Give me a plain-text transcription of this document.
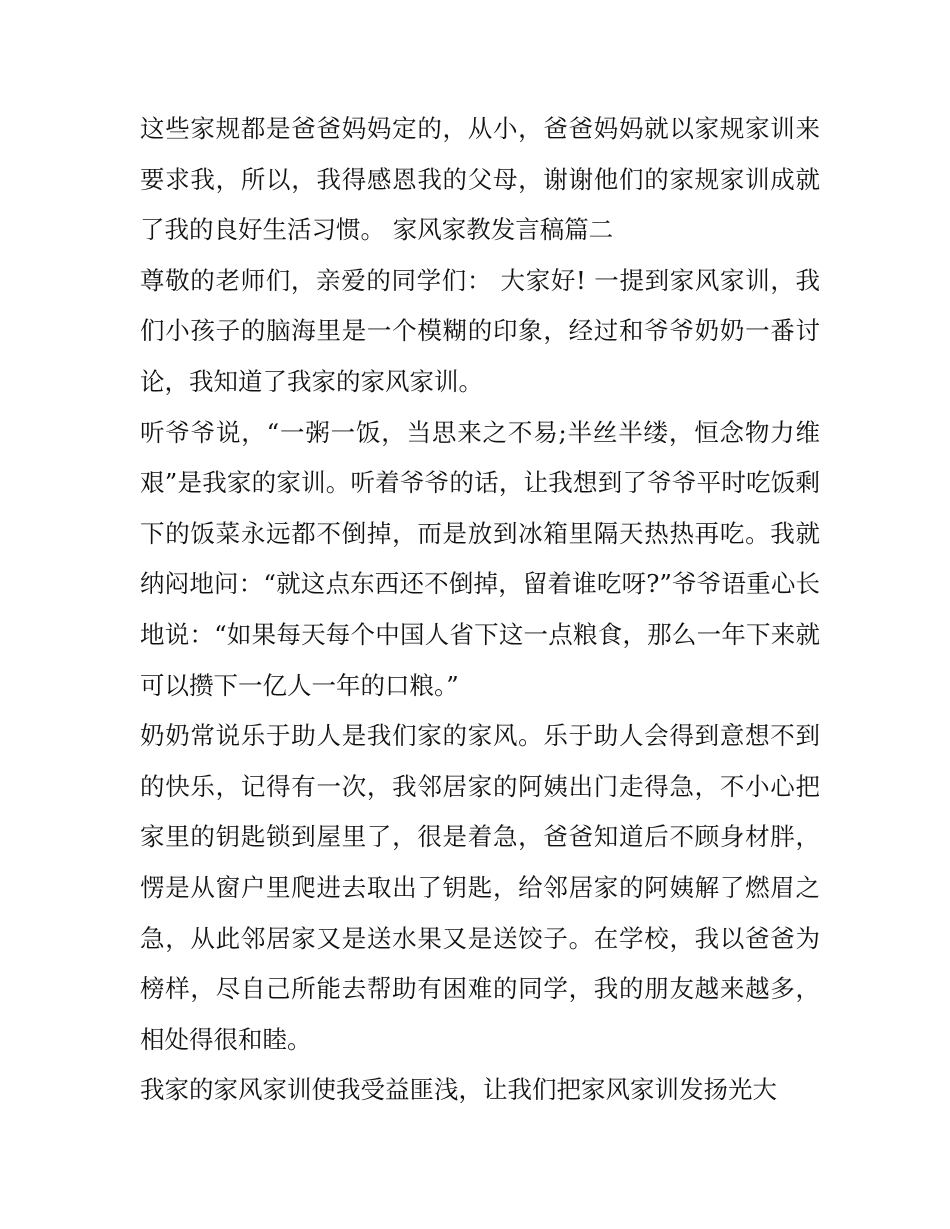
这些家规都是爸爸妈妈定的，从小，爸爸妈妈就以家规家训来要求我，所以，我得感恩我的父母，谢谢他们的家规家训成就了我的良好生活习惯。 家风家教发言稿篇二

尊敬的老师们，亲爱的同学们： 大家好! 一提到家风家训，我们小孩子的脑海里是一个模糊的印象，经过和爷爷奶奶一番讨论，我知道了我家的家风家训。

听爷爷说，“一粥一饭，当思来之不易;半丝半缕，恒念物力维艰”是我家的家训。听着爷爷的话，让我想到了爷爷平时吃饭剩下的饭菜永远都不倒掉，而是放到冰箱里隔天热热再吃。我就纳闷地问：“就这点东西还不倒掉，留着谁吃呀?”爷爷语重心长地说：“如果每天每个中国人省下这一点粮食，那么一年下来就可以攒下一亿人一年的口粮。”

奶奶常说乐于助人是我们家的家风。乐于助人会得到意想不到的快乐，记得有一次，我邻居家的阿姨出门走得急，不小心把家里的钥匙锁到屋里了，很是着急，爸爸知道后不顾身材胖，愣是从窗户里爬进去取出了钥匙，给邻居家的阿姨解了燃眉之急，从此邻居家又是送水果又是送饺子。在学校，我以爸爸为榜样，尽自己所能去帮助有困难的同学，我的朋友越来越多，相处得很和睦。

我家的家风家训使我受益匪浅，让我们把家风家训发扬光大
